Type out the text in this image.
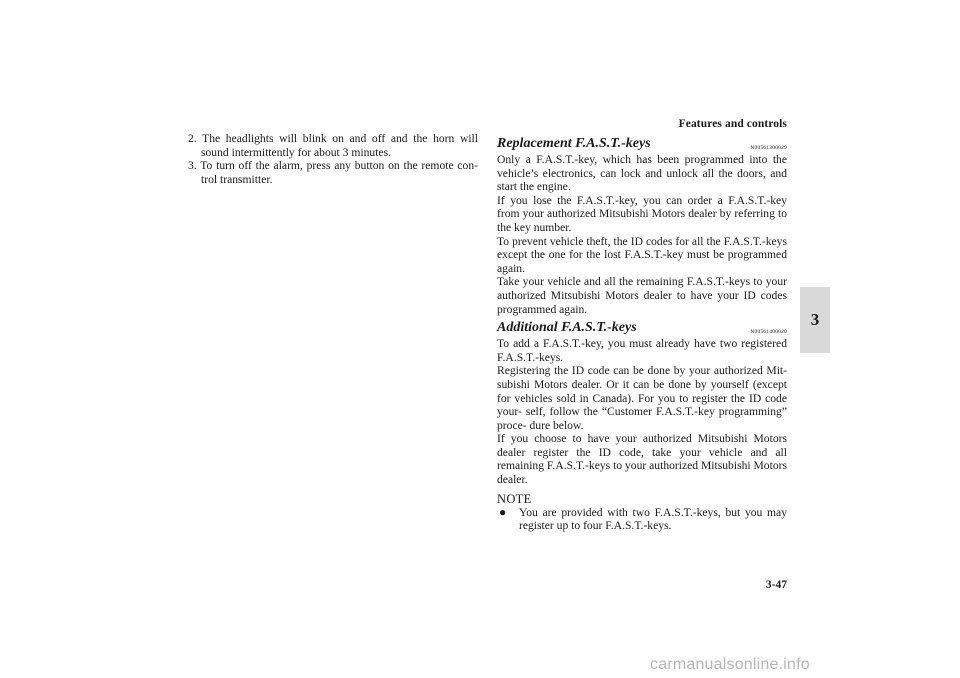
Features and controls
3
2. The headlights will blink on and off and the horn will sound intermittently for about 3 minutes.
3. To turn off the alarm, press any button on the remote con- trol transmitter.
Replacement F.A.S.T.-keys	N00561300029

Only a F.A.S.T.-key, which has been programmed into the vehicle’s electronics, can lock and unlock all the doors, and start the engine.

If you lose the F.A.S.T.-key, you can order a F.A.S.T.-key from your authorized Mitsubishi Motors dealer by referring to the key number.

To prevent vehicle theft, the ID codes for all the F.A.S.T.-keys except the one for the lost F.A.S.T.-key must be programmed again.

Take your vehicle and all the remaining F.A.S.T.-keys to your authorized Mitsubishi Motors dealer to have your ID codes programmed again.

Additional F.A.S.T.-keys	N00561400020

To add a F.A.S.T.-key, you must already have two registered F.A.S.T.-keys.

Registering the ID code can be done by your authorized Mit- subishi Motors dealer. Or it can be done by yourself (except for vehicles sold in Canada). For you to register the ID code your- self, follow the “Customer F.A.S.T.-key programming” proce- dure below.

If you choose to have your authorized Mitsubishi Motors dealer register the ID code, take your vehicle and all remaining F.A.S.T.-keys to your authorized Mitsubishi Motors dealer.

NOTE
●	You are provided with two F.A.S.T.-keys, but you may register up to four F.A.S.T.-keys.
3-47
carmanualsonline.info
